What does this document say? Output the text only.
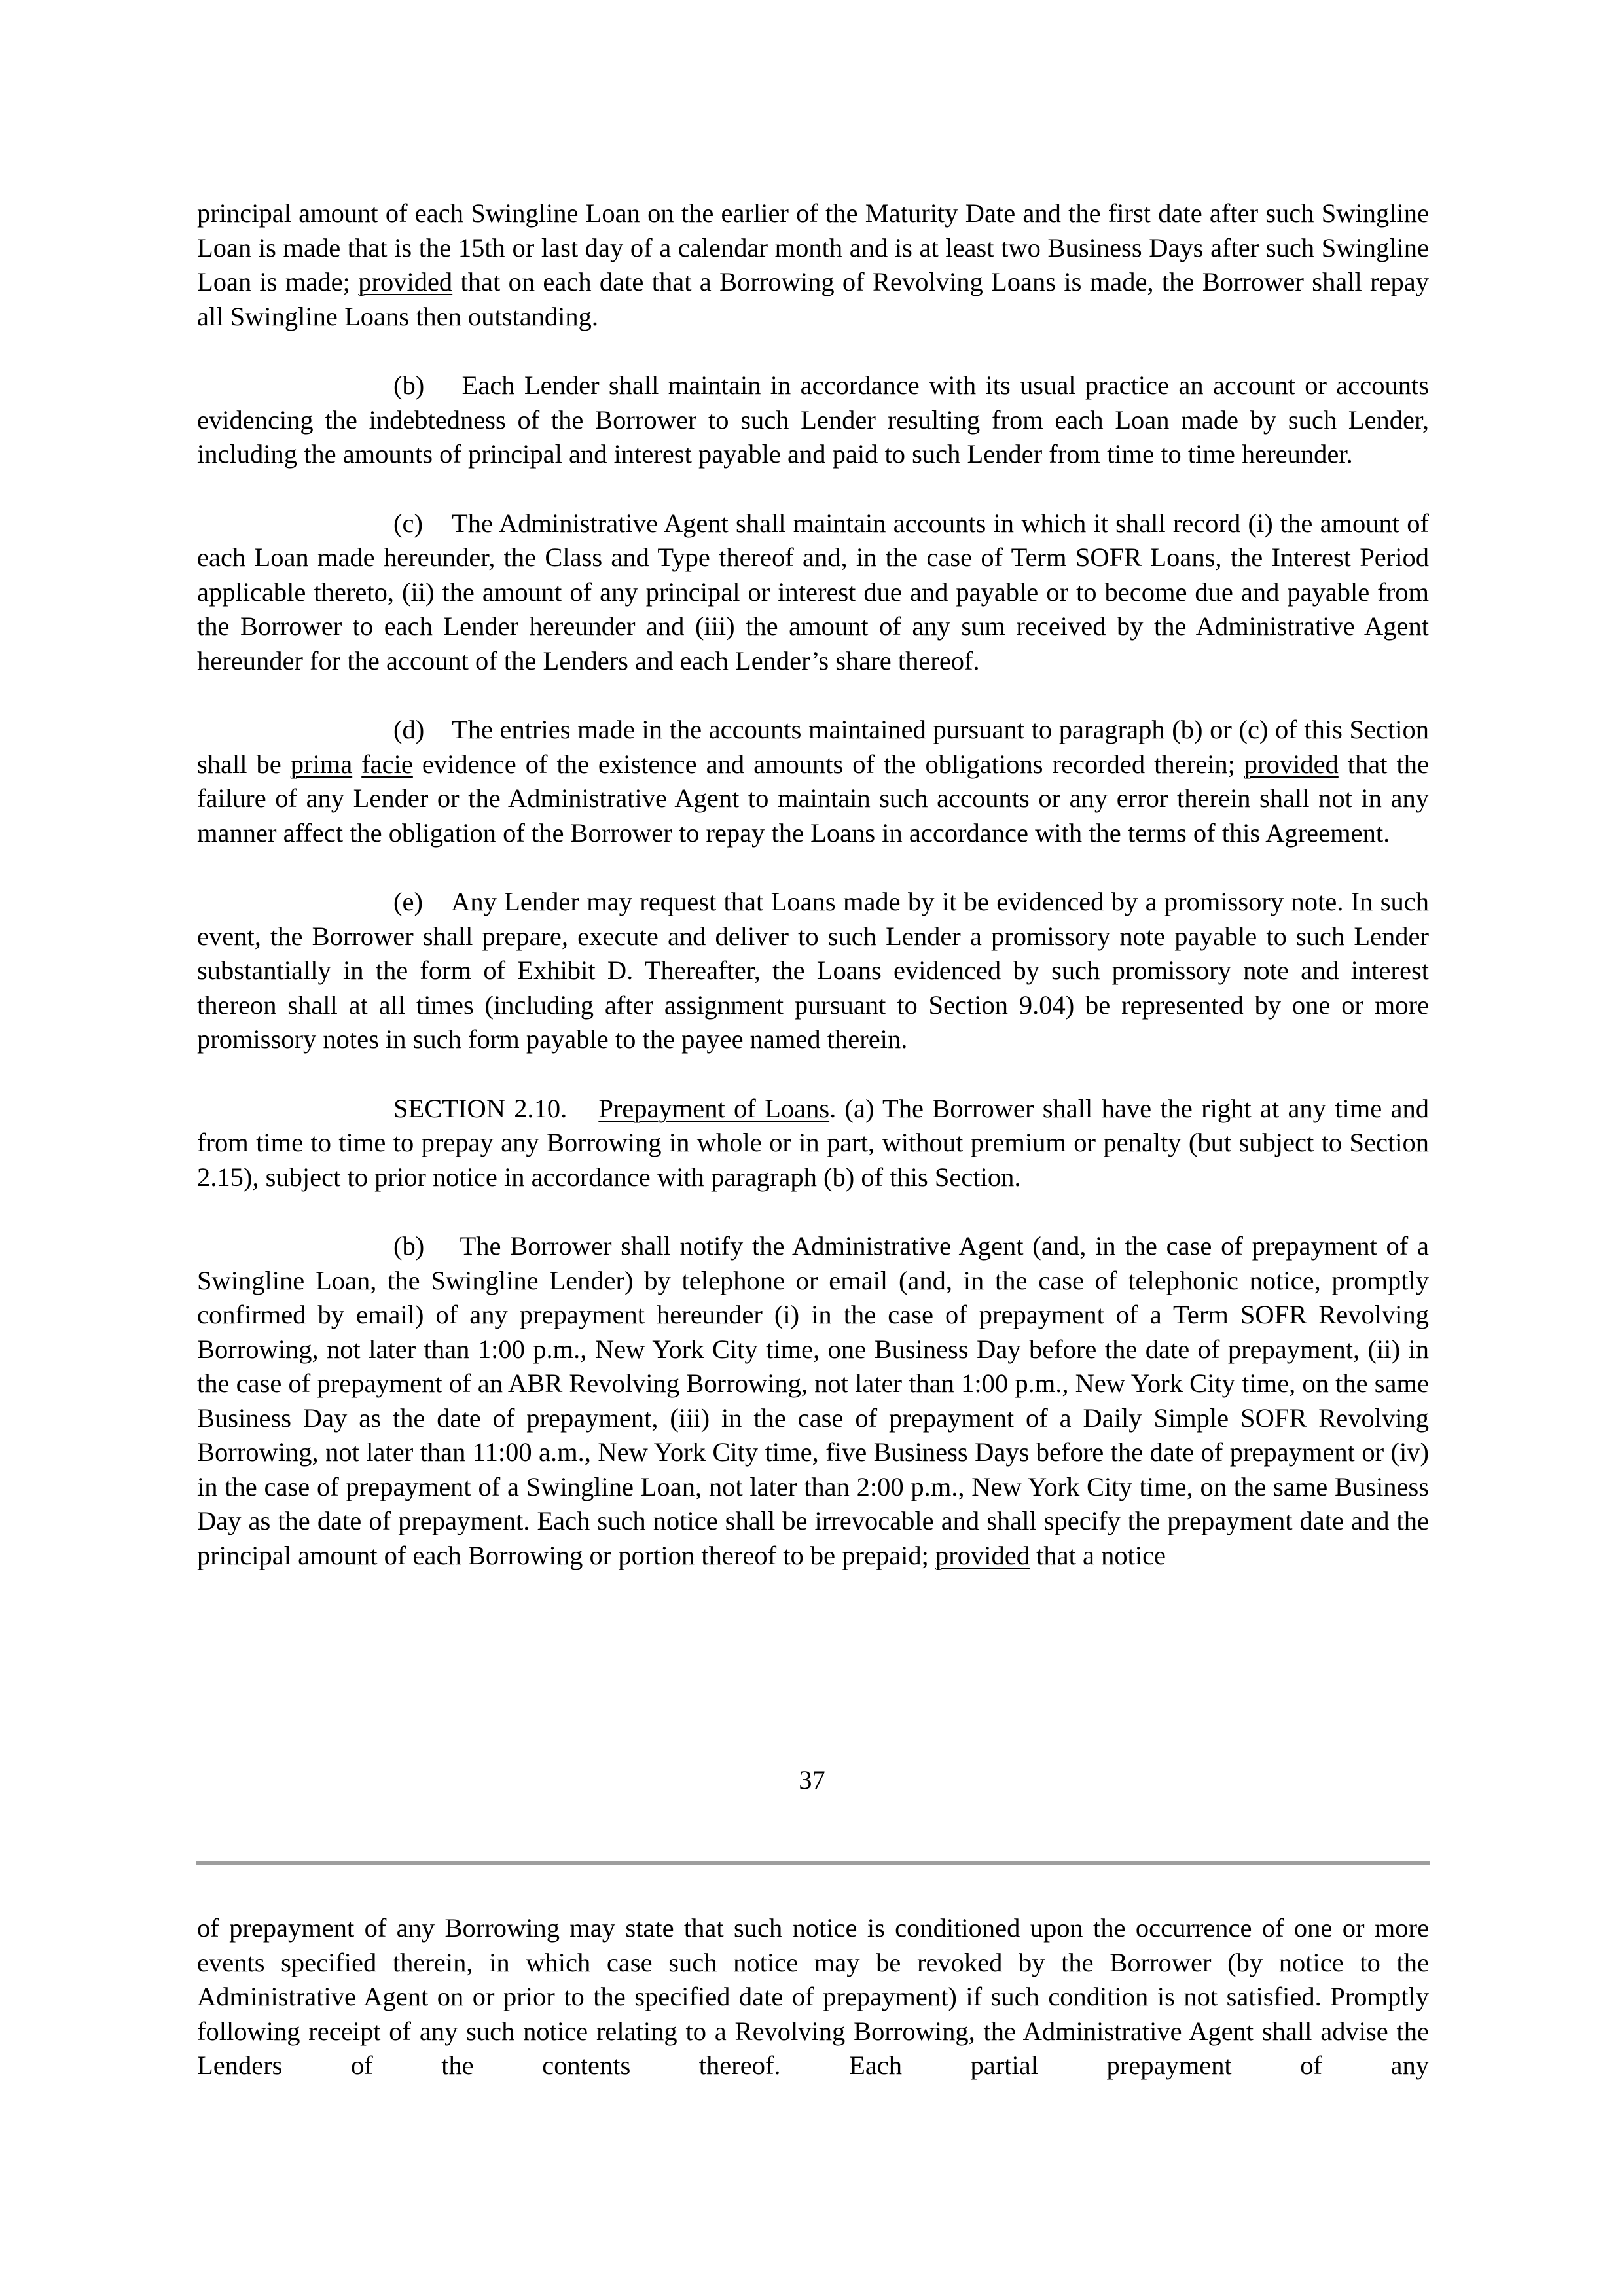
principal amount of each Swingline Loan on the earlier of the Maturity Date and the first date after such Swingline Loan is made that is the 15th or last day of a calendar month and is at least two Business Days after such Swingline Loan is made; provided that on each date that a Borrowing of Revolving Loans is made, the Borrower shall repay all Swingline Loans then outstanding.

(b)    Each Lender shall maintain in accordance with its usual practice an account or accounts evidencing the indebtedness of the Borrower to such Lender resulting from each Loan made by such Lender, including the amounts of principal and interest payable and paid to such Lender from time to time hereunder.

(c)    The Administrative Agent shall maintain accounts in which it shall record (i) the amount of each Loan made hereunder, the Class and Type thereof and, in the case of Term SOFR Loans, the Interest Period applicable thereto, (ii) the amount of any principal or interest due and payable or to become due and payable from the Borrower to each Lender hereunder and (iii) the amount of any sum received by the Administrative Agent hereunder for the account of the Lenders and each Lender’s share thereof.

(d)    The entries made in the accounts maintained pursuant to paragraph (b) or (c) of this Section shall be prima facie evidence of the existence and amounts of the obligations recorded therein; provided that the failure of any Lender or the Administrative Agent to maintain such accounts or any error therein shall not in any manner affect the obligation of the Borrower to repay the Loans in accordance with the terms of this Agreement.

(e)    Any Lender may request that Loans made by it be evidenced by a promissory note. In such event, the Borrower shall prepare, execute and deliver to such Lender a promissory note payable to such Lender substantially in the form of Exhibit D. Thereafter, the Loans evidenced by such promissory note and interest thereon shall at all times (including after assignment pursuant to Section 9.04) be represented by one or more promissory notes in such form payable to the payee named therein.

SECTION 2.10. Prepayment of Loans. (a) The Borrower shall have the right at any time and from time to time to prepay any Borrowing in whole or in part, without premium or penalty (but subject to Section 2.15), subject to prior notice in accordance with paragraph (b) of this Section.

(b)    The Borrower shall notify the Administrative Agent (and, in the case of prepayment of a Swingline Loan, the Swingline Lender) by telephone or email (and, in the case of telephonic notice, promptly confirmed by email) of any prepayment hereunder (i) in the case of prepayment of a Term SOFR Revolving Borrowing, not later than 1:00 p.m., New York City time, one Business Day before the date of prepayment, (ii) in the case of prepayment of an ABR Revolving Borrowing, not later than 1:00 p.m., New York City time, on the same Business Day as the date of prepayment, (iii) in the case of prepayment of a Daily Simple SOFR Revolving Borrowing, not later than 11:00 a.m., New York City time, five Business Days before the date of prepayment or (iv) in the case of prepayment of a Swingline Loan, not later than 2:00 p.m., New York City time, on the same Business Day as the date of prepayment. Each such notice shall be irrevocable and shall specify the prepayment date and the principal amount of each Borrowing or portion thereof to be prepaid; provided that a notice

37

of prepayment of any Borrowing may state that such notice is conditioned upon the occurrence of one or more events specified therein, in which case such notice may be revoked by the Borrower (by notice to the Administrative Agent on or prior to the specified date of prepayment) if such condition is not satisfied. Promptly following receipt of any such notice relating to a Revolving Borrowing, the Administrative Agent shall advise the Lenders of the contents thereof. Each partial prepayment of any
